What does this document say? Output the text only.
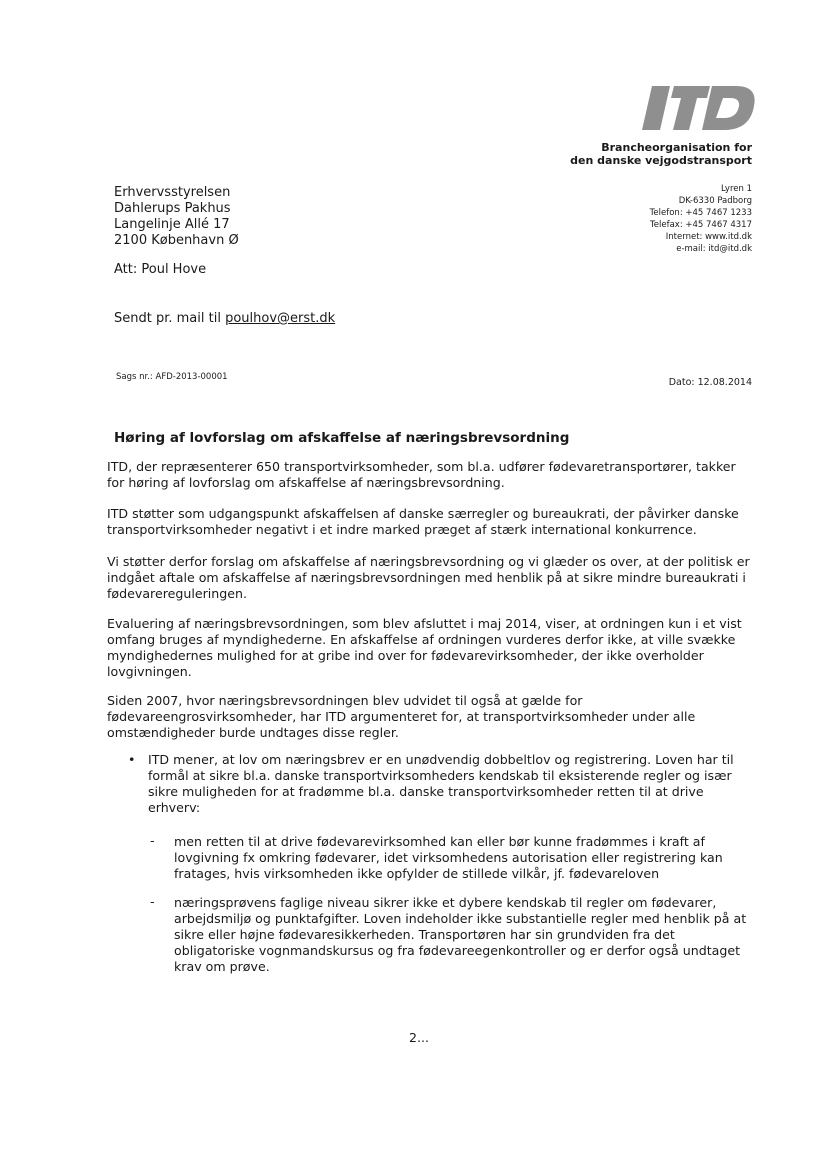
Brancheorganisation for
den danske vejgodstransport
Lyren 1
DK-6330 Padborg
Telefon: +45 7467 1233
Telefax: +45 7467 4317
Internet: www.itd.dk
e-mail: itd@itd.dk
Erhvervsstyrelsen
Dahlerups Pakhus
Langelinje Allé 17
2100 København Ø
Att: Poul Hove
Sendt pr. mail til poulhov@erst.dk
Sags nr.: AFD-2013-00001	Dato: 12.08.2014
Høring af lovforslag om afskaffelse af næringsbrevsordning
ITD, der repræsenterer 650 transportvirksomheder, som bl.a. udfører fødevaretransportører, takker for høring af lovforslag om afskaffelse af næringsbrevsordning.
ITD støtter som udgangspunkt afskaffelsen af danske særregler og bureaukrati, der påvirker danske transportvirksomheder negativt i et indre marked præget af stærk international konkurrence.
Vi støtter derfor forslag om afskaffelse af næringsbrevsordning og vi glæder os over, at der politisk er indgået aftale om afskaffelse af næringsbrevsordningen med henblik på at sikre mindre bureaukrati i fødevarereguleringen.
Evaluering af næringsbrevsordningen, som blev afsluttet i maj 2014, viser, at ordningen kun i et vist omfang bruges af myndighederne. En afskaffelse af ordningen vurderes derfor ikke, at ville svække myndighedernes mulighed for at gribe ind over for fødevarevirksomheder, der ikke overholder lovgivningen.
Siden 2007, hvor næringsbrevsordningen blev udvidet til også at gælde for fødevareengrosvirksomheder, har ITD argumenteret for, at transportvirksomheder under alle omstændigheder burde undtages disse regler.
• ITD mener, at lov om næringsbrev er en unødvendig dobbeltlov og registrering. Loven har til formål at sikre bl.a. danske transportvirksomheders kendskab til eksisterende regler og især sikre muligheden for at fradømme bl.a. danske transportvirksomheder retten til at drive erhverv:
- men retten til at drive fødevarevirksomhed kan eller bør kunne fradømmes i kraft af lovgivning fx omkring fødevarer, idet virksomhedens autorisation eller registrering kan fratages, hvis virksomheden ikke opfylder de stillede vilkår, jf. fødevareloven
- næringsprøvens faglige niveau sikrer ikke et dybere kendskab til regler om fødevarer, arbejdsmiljø og punktafgifter. Loven indeholder ikke substantielle regler med henblik på at sikre eller højne fødevaresikkerheden. Transportøren har sin grundviden fra det obligatoriske vognmandskursus og fra fødevareegenkontroller og er derfor også undtaget krav om prøve.
2...
